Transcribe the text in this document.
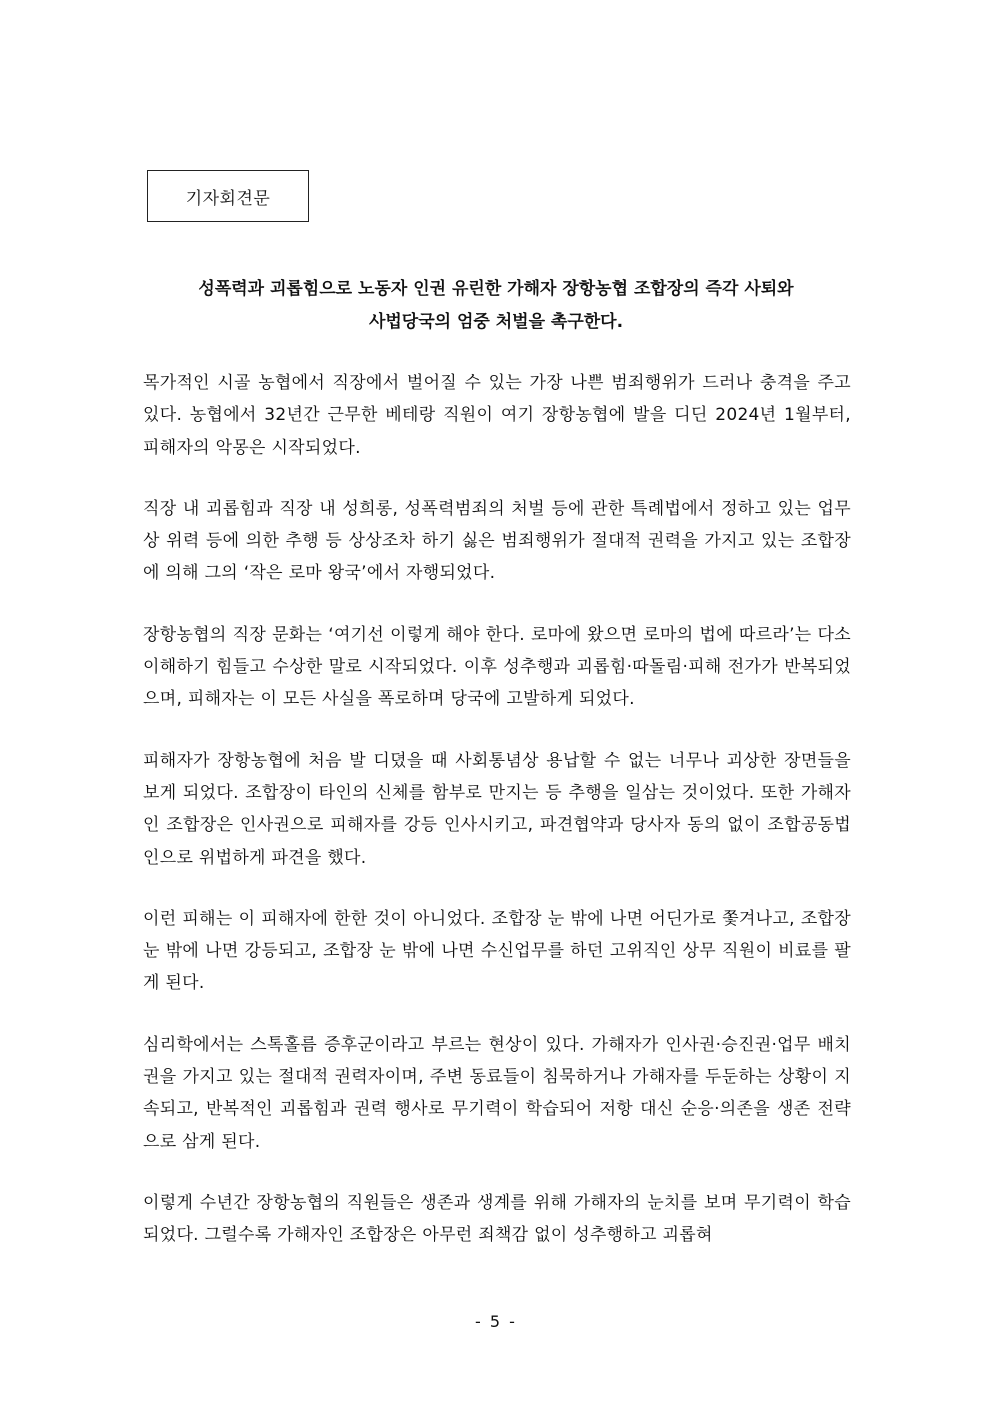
기자회견문
성폭력과 괴롭힘으로 노동자 인권 유린한 가해자 장항농협 조합장의 즉각 사퇴와
사법당국의 엄중 처벌을 촉구한다.

목가적인 시골 농협에서 직장에서 벌어질 수 있는 가장 나쁜 범죄행위가 드러나 충격을 주고 있다. 농협에서 32년간 근무한 베테랑 직원이 여기 장항농협에 발을 디딘 2024년 1월부터, 피해자의 악몽은 시작되었다.

직장 내 괴롭힘과 직장 내 성희롱, 성폭력범죄의 처벌 등에 관한 특례법에서 정하고 있는 업무상 위력 등에 의한 추행 등 상상조차 하기 싫은 범죄행위가 절대적 권력을 가지고 있는 조합장에 의해 그의 ‘작은 로마 왕국’에서 자행되었다.

장항농협의 직장 문화는 ‘여기선 이렇게 해야 한다. 로마에 왔으면 로마의 법에 따르라’는 다소 이해하기 힘들고 수상한 말로 시작되었다. 이후 성추행과 괴롭힘·따돌림·피해 전가가 반복되었으며, 피해자는 이 모든 사실을 폭로하며 당국에 고발하게 되었다.

피해자가 장항농협에 처음 발 디뎠을 때 사회통념상 용납할 수 없는 너무나 괴상한 장면들을 보게 되었다. 조합장이 타인의 신체를 함부로 만지는 등 추행을 일삼는 것이었다. 또한 가해자인 조합장은 인사권으로 피해자를 강등 인사시키고, 파견협약과 당사자 동의 없이 조합공동법인으로 위법하게 파견을 했다.

이런 피해는 이 피해자에 한한 것이 아니었다. 조합장 눈 밖에 나면 어딘가로 쫓겨나고, 조합장 눈 밖에 나면 강등되고, 조합장 눈 밖에 나면 수신업무를 하던 고위직인 상무 직원이 비료를 팔게 된다.

심리학에서는 스톡홀름 증후군이라고 부르는 현상이 있다. 가해자가 인사권·승진권·업무 배치권을 가지고 있는 절대적 권력자이며, 주변 동료들이 침묵하거나 가해자를 두둔하는 상황이 지속되고, 반복적인 괴롭힘과 권력 행사로 무기력이 학습되어 저항 대신 순응·의존을 생존 전략으로 삼게 된다.

이렇게 수년간 장항농협의 직원들은 생존과 생계를 위해 가해자의 눈치를 보며 무기력이 학습되었다. 그럴수록 가해자인 조합장은 아무런 죄책감 없이 성추행하고 괴롭혀

- 5 -
